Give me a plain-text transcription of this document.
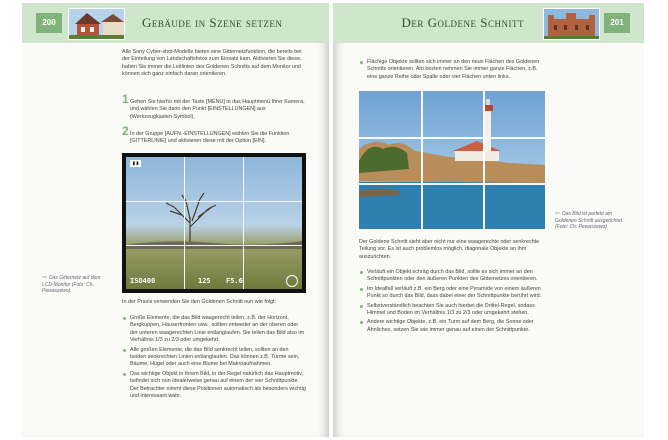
200	Gebäude in Szene setzen
Alle Sony Cyber-shot-Modelle bieten eine Gitternetzfunktion, die bereits bei der Einteilung von Landschaftsfotos zum Einsatz kam. Aktivieren Sie diese, haben Sie immer die Leitlinien des Goldenen Schnitts auf dem Monitor und können sich ganz einfach daran orientieren.
1 Gehen Sie hierfür mit der Taste [MENU] in das Hauptmenü Ihrer Kamera, und wählen Sie darin den Punkt [EINSTELLUNGEN] aus (Werkzeugkasten-Symbol).
2 In der Gruppe [AUFN.-EINSTELLUNGEN] wählen Sie die Funktion [GITTERLINIE] und aktivieren diese mit der Option [EIN].
▮▮
ISO400	125 F5.6
⇨ Das Gitternetz auf dem LCD-Monitor (Foto: Ch. Pewaszewo)
In der Praxis verwenden Sie den Goldenen Schnitt nun wie folgt:
Große Elemente, die das Bild waagerecht teilen, z.B. der Horizont, Bergkuppen, Häuserfronten usw., sollten entweder an der oberen oder der unteren waagerechten Linie entlanglaufen. Sie teilen das Bild also im Verhältnis 1/3 zu 2/3 oder umgekehrt.
Alle großen Elemente, die das Bild senkrecht teilen, sollten an den beiden senkrechten Linien entlanglaufen. Das können z.B. Türme sein, Bäume, Hügel oder auch eine Blume bei Makroaufnahmen.
Das wichtige Objekt in Ihrem Bild, in der Regel natürlich das Hauptmotiv, befindet sich nun idealerweise genau auf einem der vier Schnittpunkte. Der Betrachter nimmt diese Positionen automatisch als besonders wichtig und interessant wahr.
Der Goldene Schnitt	201
Flächige Objekte sollten sich immer an den neun Flächen des Goldenen Schnitts orientieren. Am besten nehmen Sie immer ganze Flächen, z.B. eine ganze Reihe oder Spalte oder vier Flächen unten links.
⇦ Das Bild ist perfekt am Goldenen Schnitt ausgerichtet. (Foto: Ch. Pewaszewo)
Der Goldene Schnitt sieht aber nicht nur eine waagerechte oder senkrechte Teilung vor. Es ist auch problemlos möglich, diagonale Objekte an ihm auszurichten.
Verläuft ein Objekt schräg durch das Bild, sollte es sich immer an den Schnittpunkten oder den äußeren Punkten des Gitternetzes orientieren.
Im Idealfall verläuft z.B. ein Berg oder eine Pyramide von einem äußeren Punkt so durch das Bild, dass dabei einer der Schnittpunkte berührt wird.
Selbstverständlich beachten Sie auch hierbei die Drittel-Regel, sodass Himmel und Boden im Verhältnis 1/3 zu 2/3 oder umgekehrt stehen.
Andere wichtige Objekte, z.B. ein Turm auf dem Berg, die Sonne oder Ähnliches, setzen Sie wie immer genau auf einen der Schnittpunkte.
